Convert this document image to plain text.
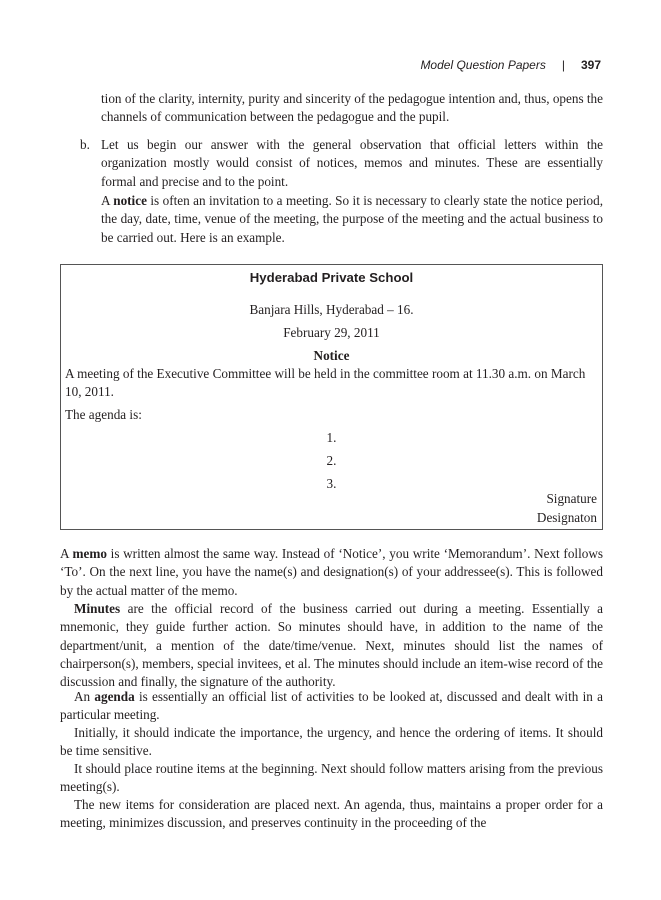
Model Question Papers | 397

tion of the clarity, internity, purity and sincerity of the pedagogue intention and, thus, opens the channels of communication between the pedagogue and the pupil.

b. Let us begin our answer with the general observation that official letters within the organization mostly would consist of notices, memos and minutes. These are essentially formal and precise and to the point.

A notice is often an invitation to a meeting. So it is necessary to clearly state the notice period, the day, date, time, venue of the meeting, the purpose of the meeting and the actual business to be carried out. Here is an example.

Hyderabad Private School

Banjara Hills, Hyderabad – 16.

February 29, 2011

Notice

A meeting of the Executive Committee will be held in the committee room at 11.30 a.m. on March 10, 2011.

The agenda is:

1.

2.

3.

Signature

Designaton

A memo is written almost the same way. Instead of ‘Notice’, you write ‘Memorandum’. Next follows ‘To’. On the next line, you have the name(s) and designation(s) of your addressee(s). This is followed by the actual matter of the memo.

Minutes are the official record of the business carried out during a meeting. Essentially a mnemonic, they guide further action. So minutes should have, in addition to the name of the department/unit, a mention of the date/time/venue. Next, minutes should list the names of chairperson(s), members, special invitees, et al. The minutes should include an item-wise record of the discussion and finally, the signature of the authority.

An agenda is essentially an official list of activities to be looked at, discussed and dealt with in a particular meeting.

Initially, it should indicate the importance, the urgency, and hence the ordering of items. It should be time sensitive.

It should place routine items at the beginning. Next should follow matters arising from the previous meeting(s).

The new items for consideration are placed next. An agenda, thus, maintains a proper order for a meeting, minimizes discussion, and preserves continuity in the proceeding of the
